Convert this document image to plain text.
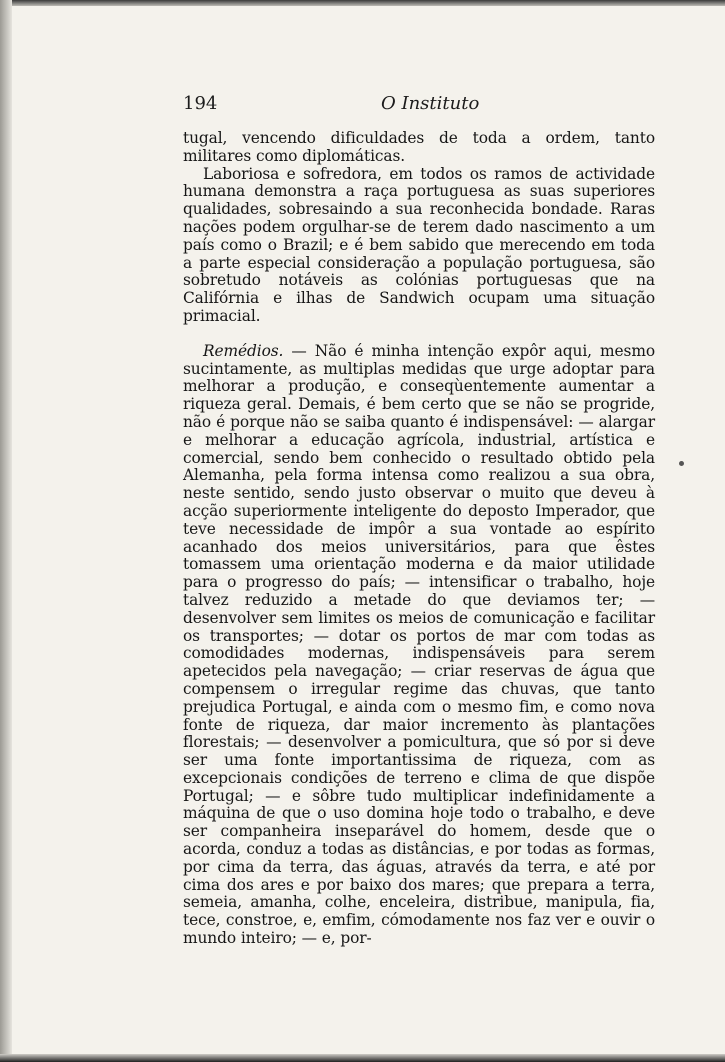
194	O Instituto

tugal, vencendo dificuldades de toda a ordem, tanto militares como diplomáticas.

Laboriosa e sofredora, em todos os ramos de actividade humana demonstra a raça portuguesa as suas superiores qualidades, sobresaindo a sua reconhecida bondade. Raras nações podem orgulhar-se de terem dado nascimento a um país como o Brazil; e é bem sabido que merecendo em toda a parte especial consideração a população portuguesa, são sobretudo notáveis as colónias portuguesas que na Califórnia e ilhas de Sandwich ocupam uma situação primacial.

Remédios. — Não é minha intenção expôr aqui, mesmo sucintamente, as multiplas medidas que urge adoptar para melhorar a produção, e conseqùentemente aumentar a riqueza geral. Demais, é bem certo que se não se progride, não é porque não se saiba quanto é indispensável: — alargar e melhorar a educação agrícola, industrial, artística e comercial, sendo bem conhecido o resultado obtido pela Alemanha, pela forma intensa como realizou a sua obra, neste sentido, sendo justo observar o muito que deveu à acção superiormente inteligente do deposto Imperador, que teve necessidade de impôr a sua vontade ao espírito acanhado dos meios universitários, para que êstes tomassem uma orientação moderna e da maior utilidade para o progresso do país; — intensificar o trabalho, hoje talvez reduzido a metade do que deviamos ter; — desenvolver sem limites os meios de comunicação e facilitar os transportes; — dotar os portos de mar com todas as comodidades modernas, indispensáveis para serem apetecidos pela navegação; — criar reservas de água que compensem o irregular regime das chuvas, que tanto prejudica Portugal, e ainda com o mesmo fim, e como nova fonte de riqueza, dar maior incremento às plantações florestais; — desenvolver a pomicultura, que só por si deve ser uma fonte importantissima de riqueza, com as excepcionais condições de terreno e clima de que dispõe Portugal; — e sôbre tudo multiplicar indefinidamente a máquina de que o uso domina hoje todo o trabalho, e deve ser companheira inseparável do homem, desde que o acorda, conduz a todas as distâncias, e por todas as formas, por cima da terra, das águas, através da terra, e até por cima dos ares e por baixo dos mares; que prepara a terra, semeia, amanha, colhe, enceleira, distribue, manipula, fia, tece, constroe, e, emfim, cómodamente nos faz ver e ouvir o mundo inteiro; — e, por-
